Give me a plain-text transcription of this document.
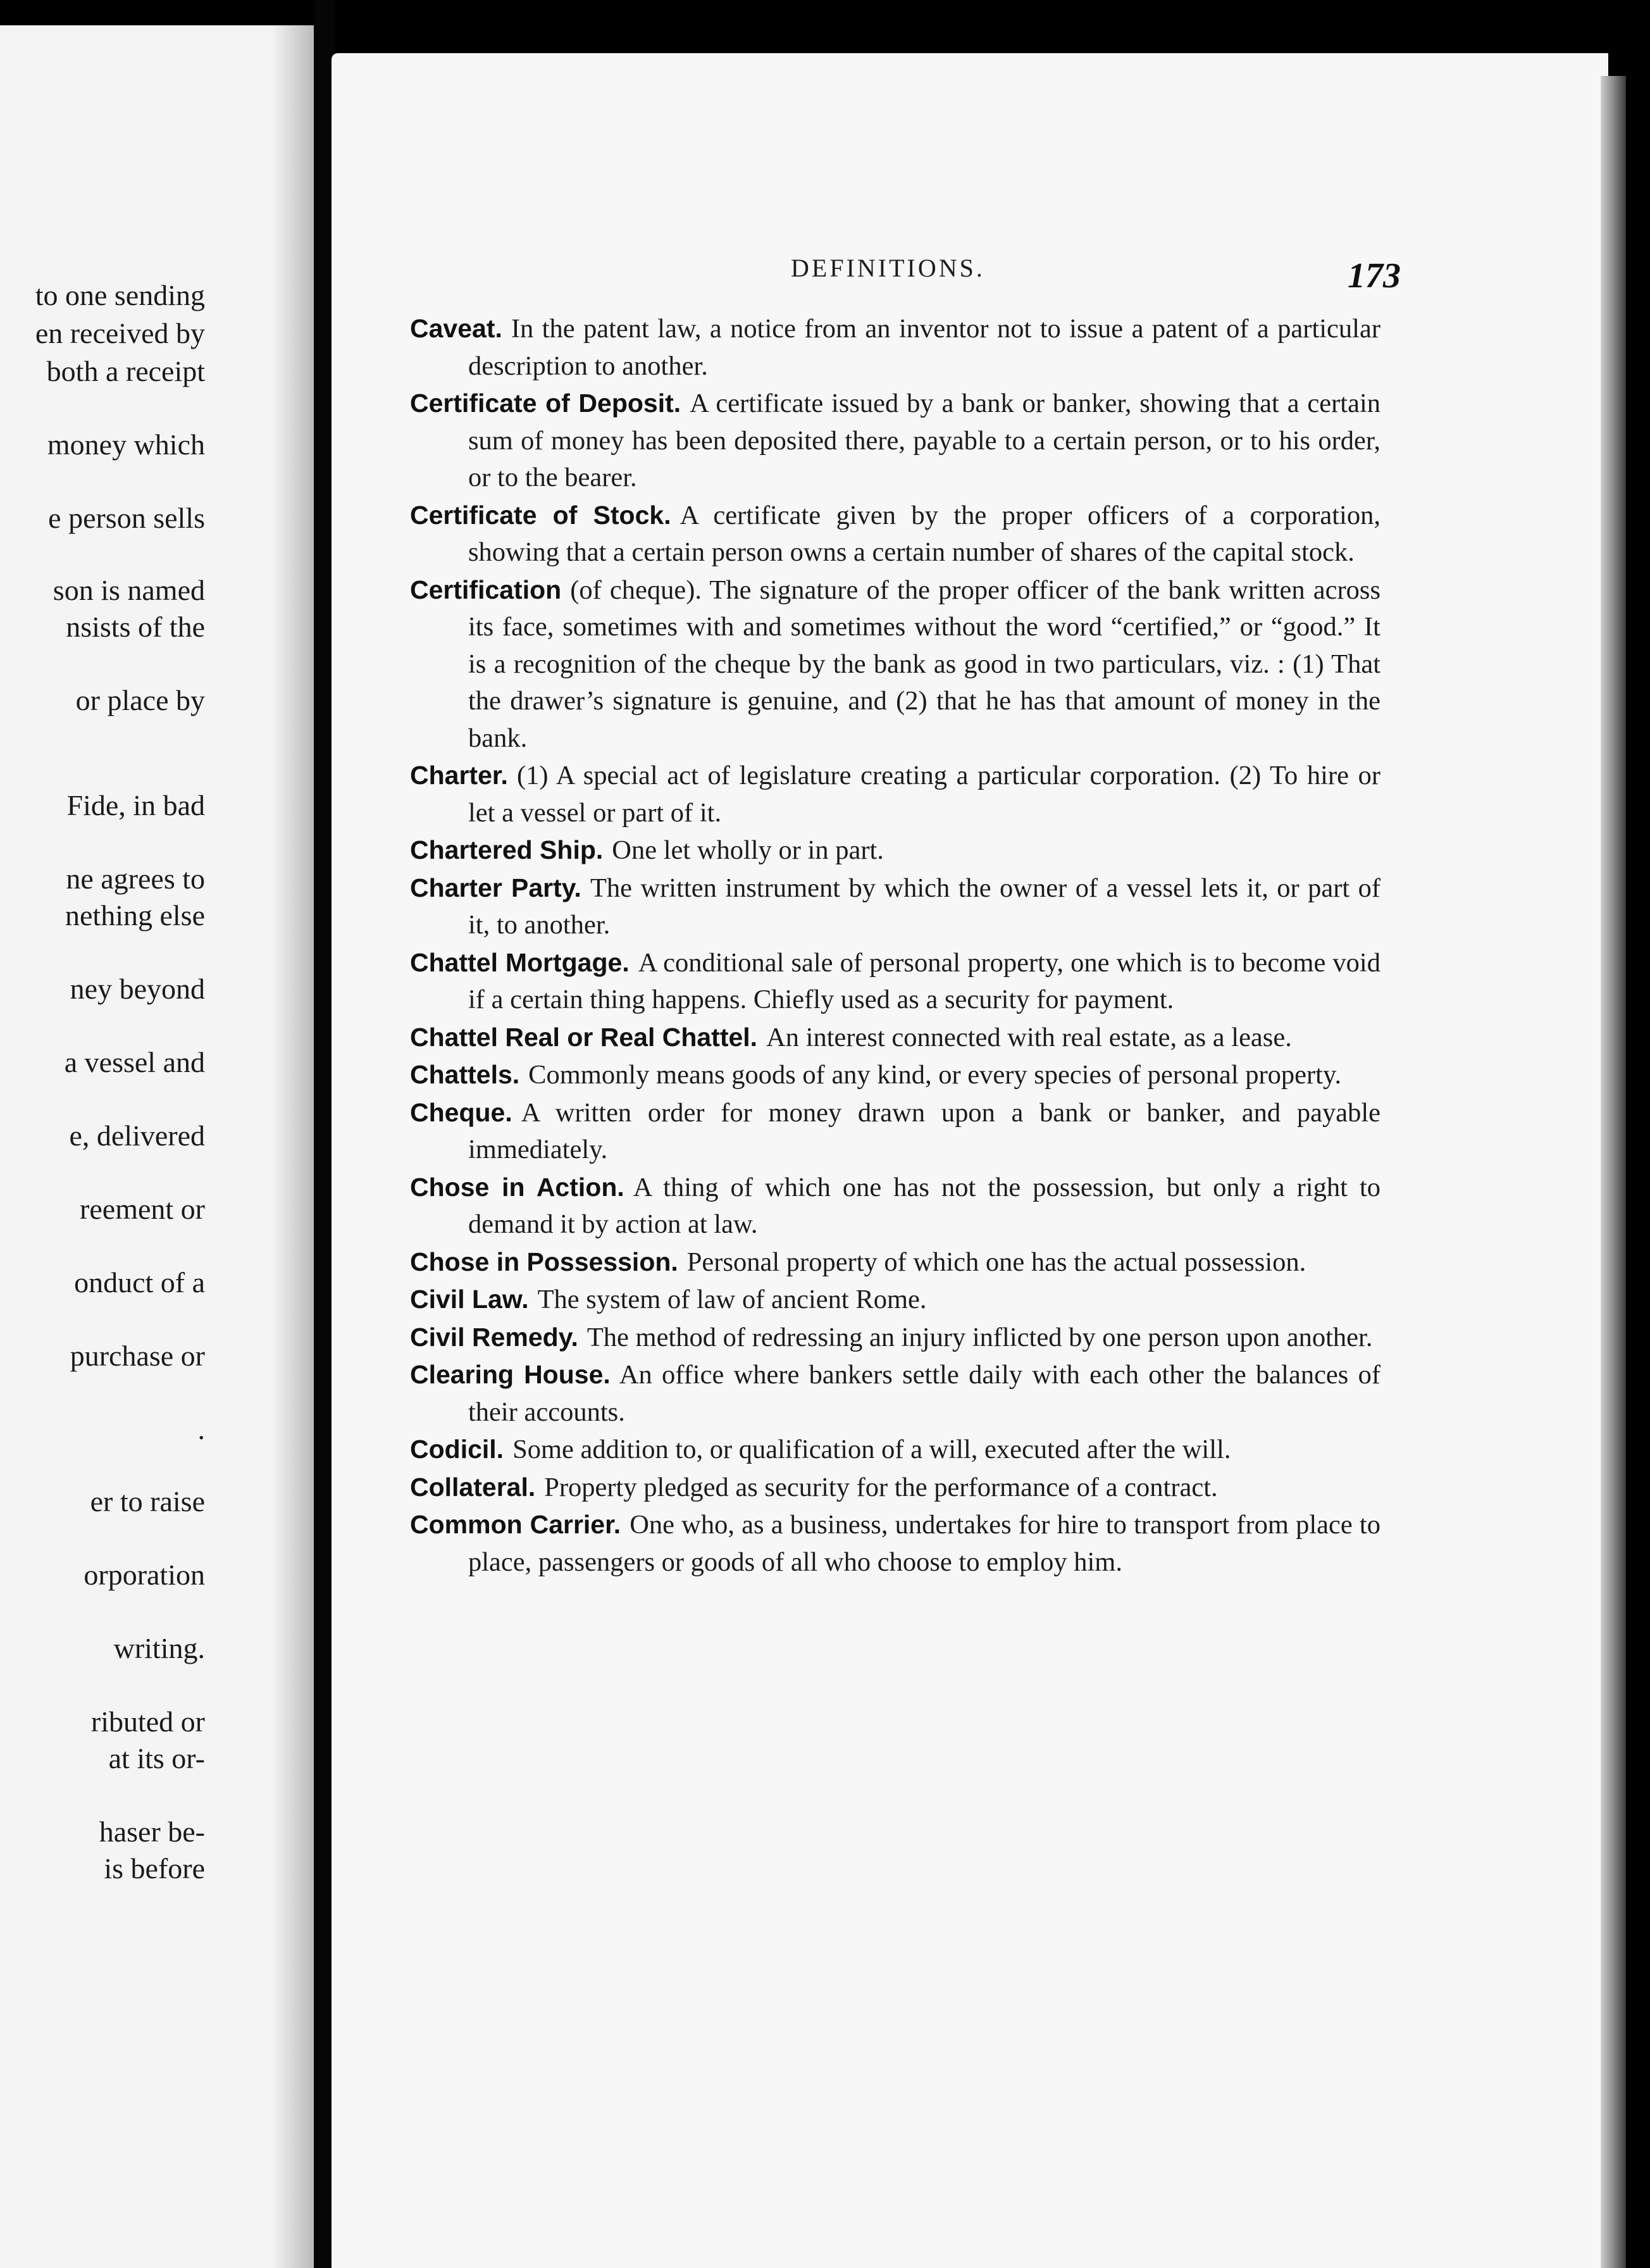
to one sending
en received by
both a receipt
money which
e person sells
son is named
nsists of the
or place by
Fide, in bad
ne agrees to
nething else
ney beyond
a vessel and
e, delivered
reement or
onduct of a
purchase or
.
er to raise
orporation
writing.
ributed or
at its or-
haser be-
is before
DEFINITIONS.	173
Caveat. In the patent law, a notice from an inventor not to issue a patent of a particular description to another.
Certificate of Deposit. A certificate issued by a bank or banker, showing that a certain sum of money has been deposited there, payable to a certain person, or to his order, or to the bearer.
Certificate of Stock. A certificate given by the proper officers of a corporation, showing that a certain person owns a certain number of shares of the capital stock.
Certification (of cheque). The signature of the proper officer of the bank written across its face, sometimes with and sometimes without the word “certified,” or “good.” It is a recognition of the cheque by the bank as good in two particulars, viz. : (1) That the drawer’s signature is genuine, and (2) that he has that amount of money in the bank.
Charter. (1) A special act of legislature creating a particular corporation. (2) To hire or let a vessel or part of it.
Chartered Ship. One let wholly or in part.
Charter Party. The written instrument by which the owner of a vessel lets it, or part of it, to another.
Chattel Mortgage. A conditional sale of personal property, one which is to become void if a certain thing happens. Chiefly used as a security for payment.
Chattel Real or Real Chattel. An interest connected with real estate, as a lease.
Chattels. Commonly means goods of any kind, or every species of personal property.
Cheque. A written order for money drawn upon a bank or banker, and payable immediately.
Chose in Action. A thing of which one has not the possession, but only a right to demand it by action at law.
Chose in Possession. Personal property of which one has the actual possession.
Civil Law. The system of law of ancient Rome.
Civil Remedy. The method of redressing an injury inflicted by one person upon another.
Clearing House. An office where bankers settle daily with each other the balances of their accounts.
Codicil. Some addition to, or qualification of a will, executed after the will.
Collateral. Property pledged as security for the performance of a contract.
Common Carrier. One who, as a business, undertakes for hire to transport from place to place, passengers or goods of all who choose to employ him.
